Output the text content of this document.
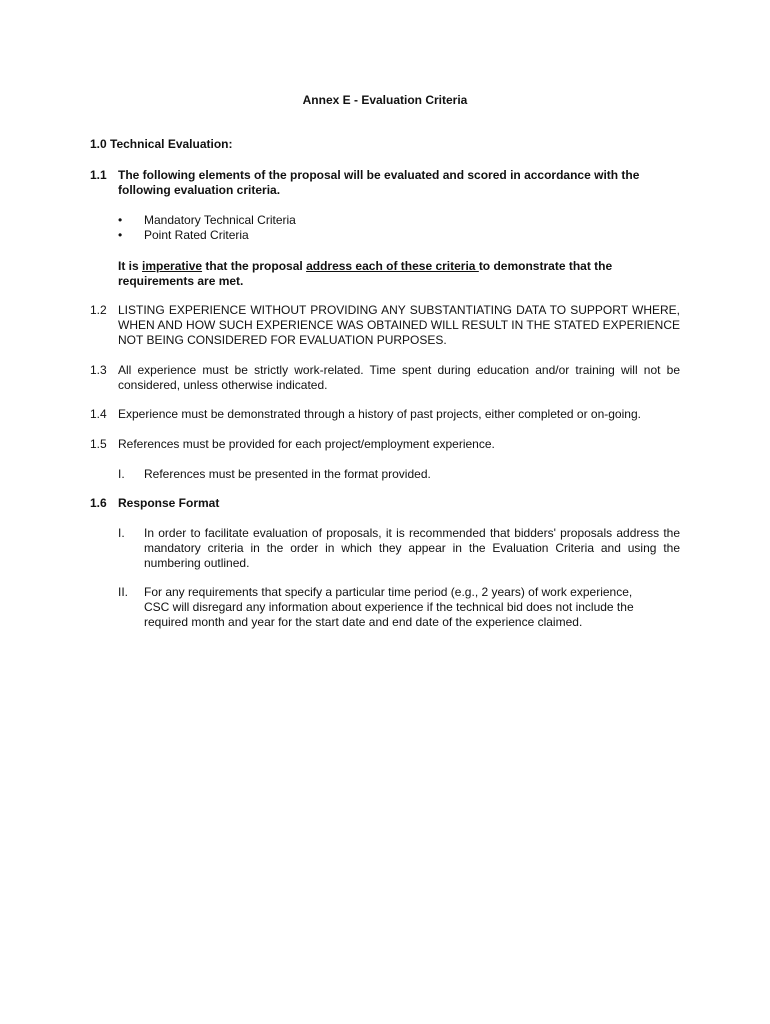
Annex E - Evaluation Criteria
1.0 Technical Evaluation:
1.1 The following elements of the proposal will be evaluated and scored in accordance with the following evaluation criteria.
•	Mandatory Technical Criteria
•	Point Rated Criteria
It is imperative that the proposal address each of these criteria to demonstrate that the requirements are met.
1.2 LISTING EXPERIENCE WITHOUT PROVIDING ANY SUBSTANTIATING DATA TO SUPPORT WHERE, WHEN AND HOW SUCH EXPERIENCE WAS OBTAINED WILL RESULT IN THE STATED EXPERIENCE NOT BEING CONSIDERED FOR EVALUATION PURPOSES.
1.3 All experience must be strictly work-related. Time spent during education and/or training will not be considered, unless otherwise indicated.
1.4 Experience must be demonstrated through a history of past projects, either completed or on-going.
1.5 References must be provided for each project/employment experience.
I.	References must be presented in the format provided.
1.6 Response Format
I.	In order to facilitate evaluation of proposals, it is recommended that bidders' proposals address the mandatory criteria in the order in which they appear in the Evaluation Criteria and using the numbering outlined.
II.	For any requirements that specify a particular time period (e.g., 2 years) of work experience, CSC will disregard any information about experience if the technical bid does not include the required month and year for the start date and end date of the experience claimed.
